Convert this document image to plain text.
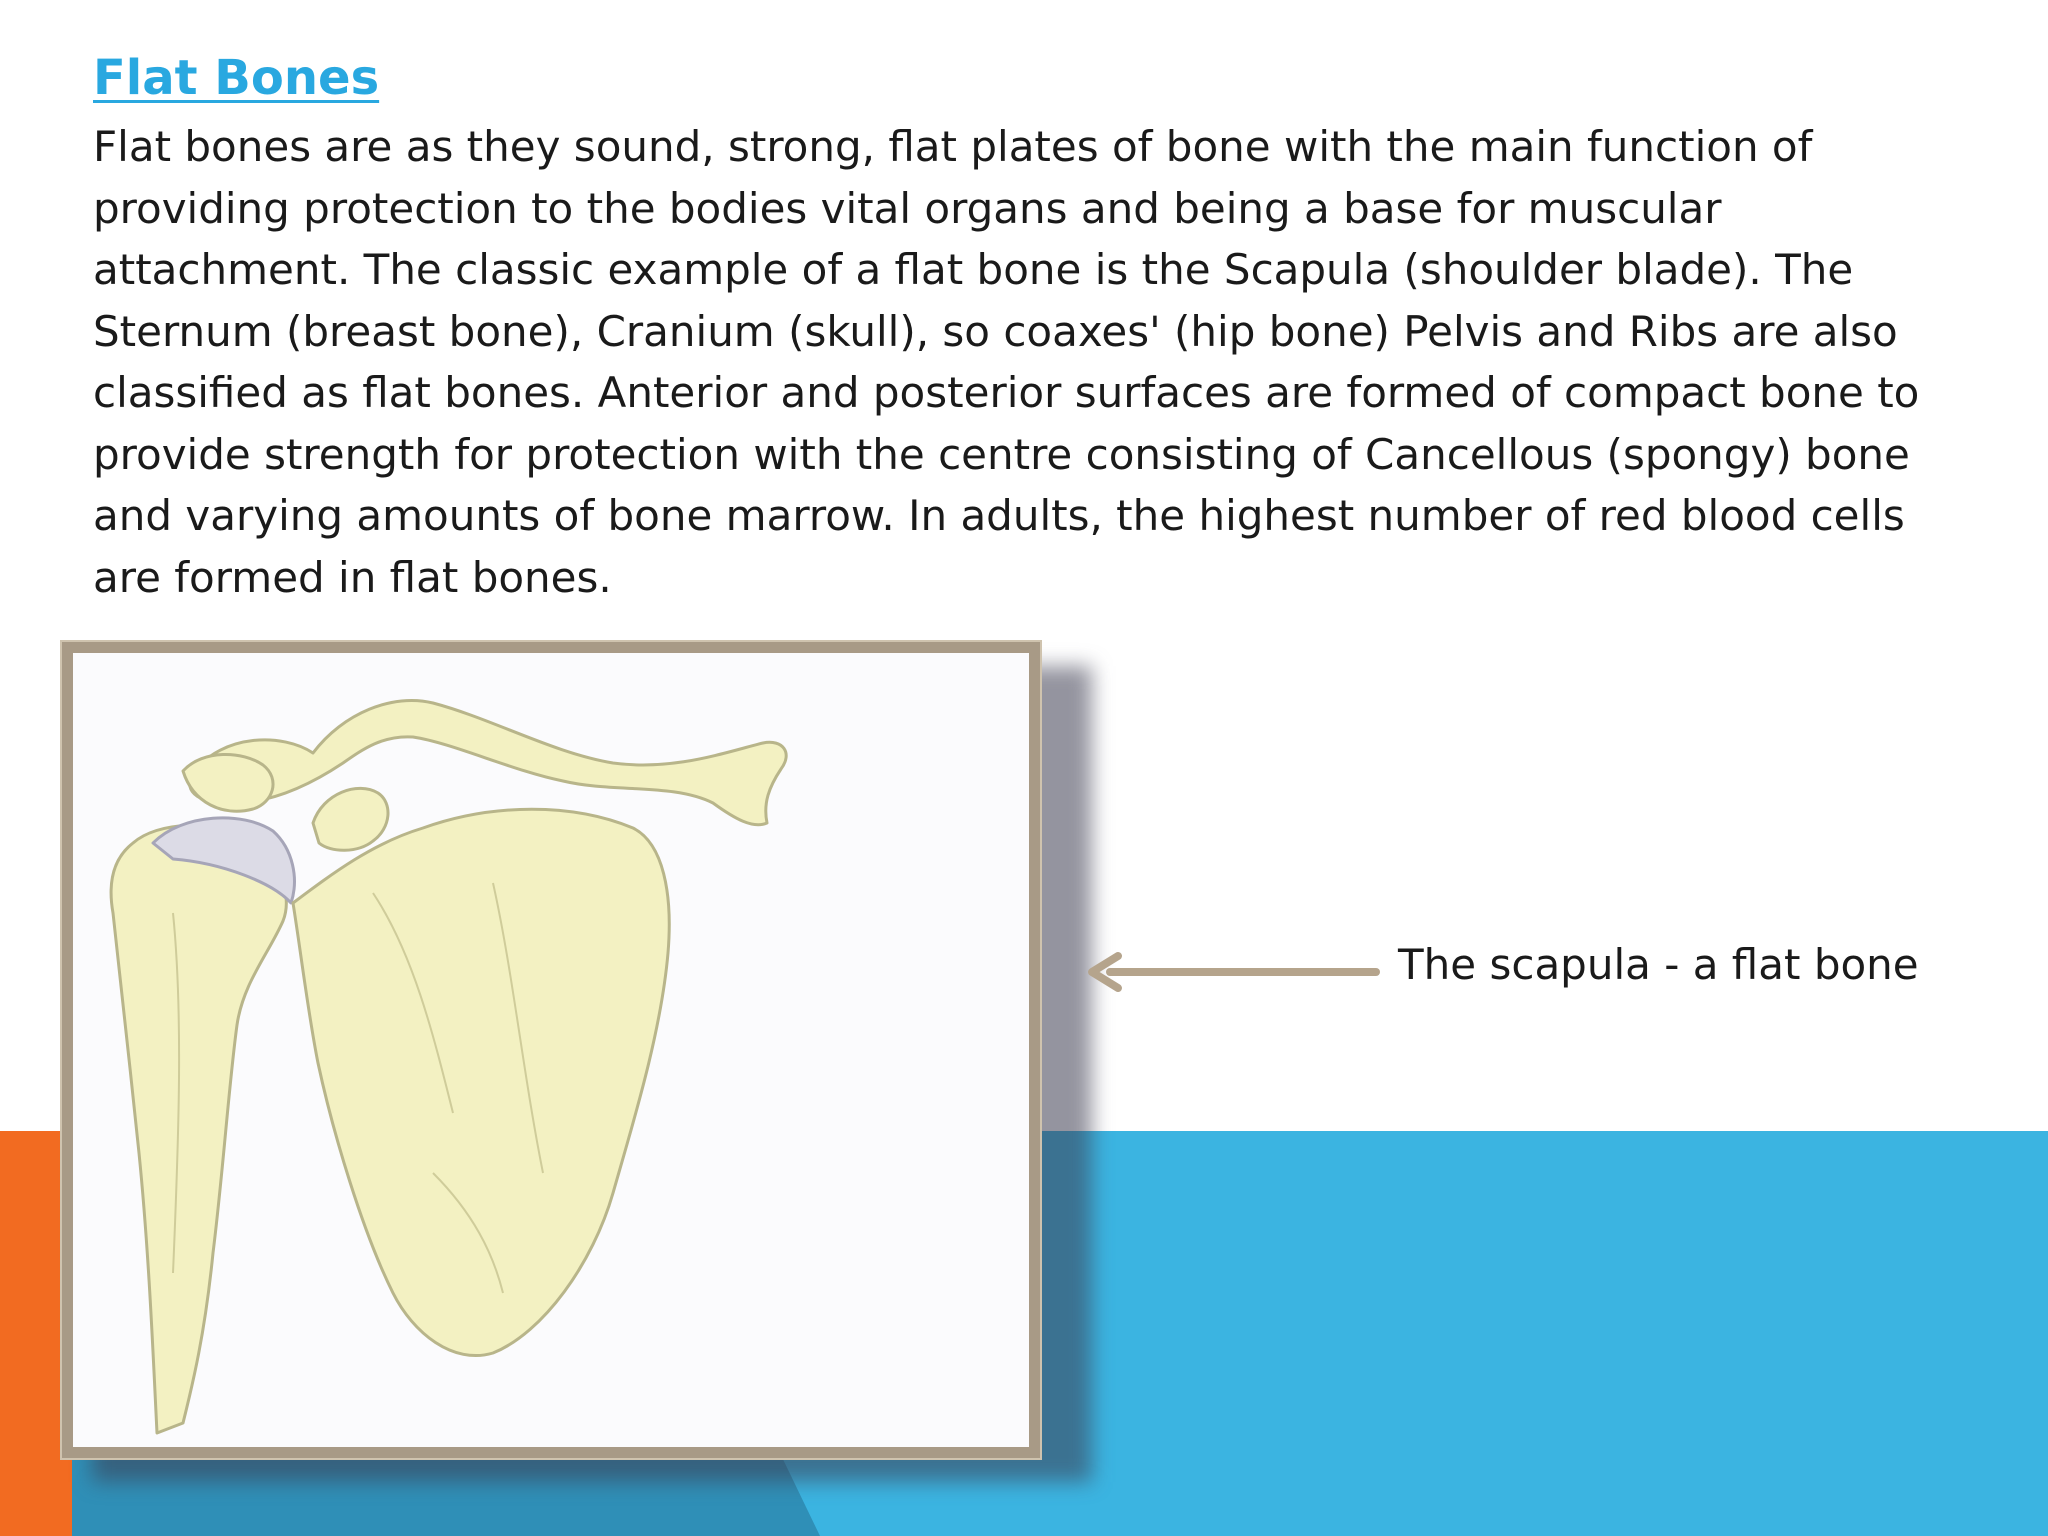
Flat Bones

Flat bones are as they sound, strong, flat plates of bone with the main function of providing protection to the bodies vital organs and being a base for muscular attachment. The classic example of a flat bone is the Scapula (shoulder blade). The Sternum (breast bone), Cranium (skull), so coaxes' (hip bone) Pelvis and Ribs are also classified as flat bones. Anterior and posterior surfaces are formed of compact bone to provide strength for protection with the centre consisting of Cancellous (spongy) bone and varying amounts of bone marrow. In adults, the highest number of red blood cells are formed in flat bones.

The scapula - a flat bone
